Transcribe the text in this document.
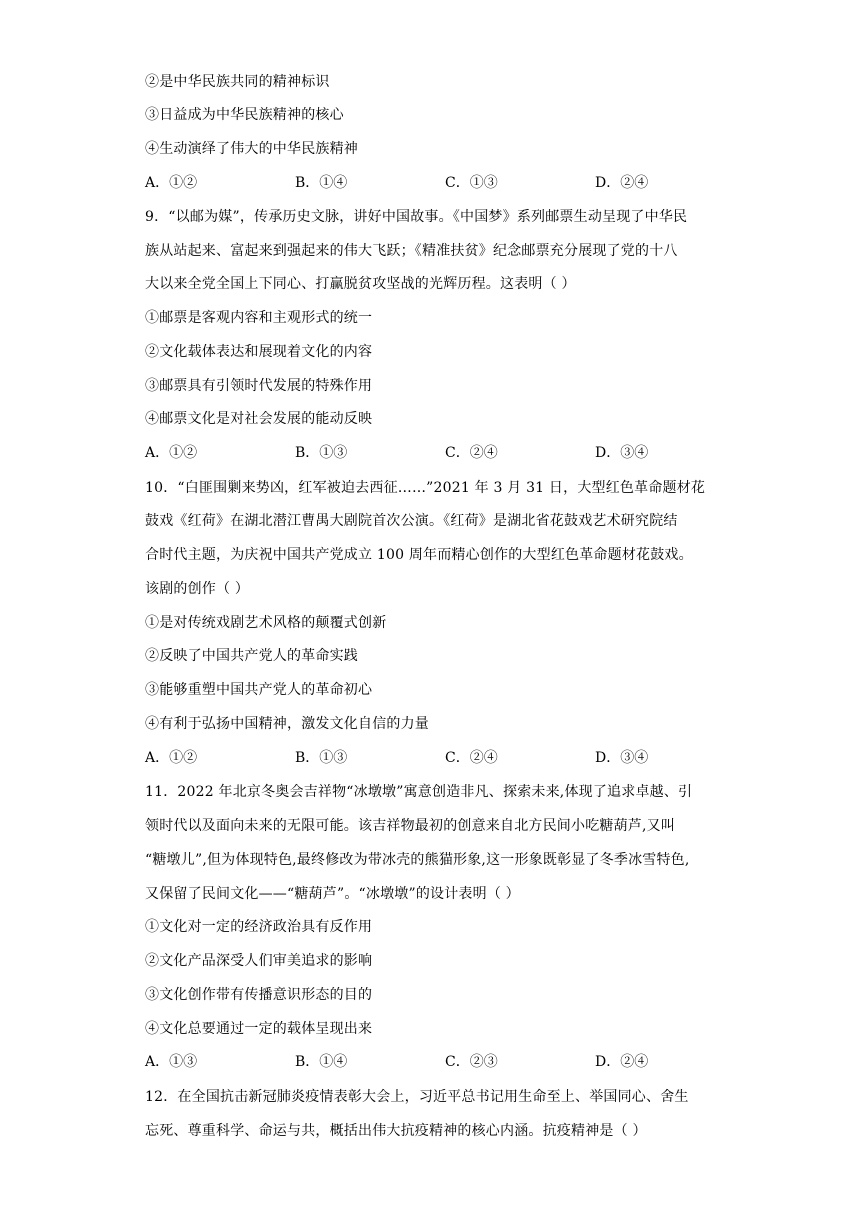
②是中华民族共同的精神标识
③日益成为中华民族精神的核心
④生动演绎了伟大的中华民族精神
A．①②	B．①④	C．①③	D．②④
9．“以邮为媒”，传承历史文脉，讲好中国故事。《中国梦》系列邮票生动呈现了中华民
族从站起来、富起来到强起来的伟大飞跃；《精准扶贫》纪念邮票充分展现了党的十八
大以来全党全国上下同心、打赢脱贫攻坚战的光辉历程。这表明（ ）
①邮票是客观内容和主观形式的统一
②文化载体表达和展现着文化的内容
③邮票具有引领时代发展的特殊作用
④邮票文化是对社会发展的能动反映
A．①②	B．①③	C．②④	D．③④
10．“白匪围剿来势凶，红军被迫去西征……”2021 年 3 月 31 日，大型红色革命题材花
鼓戏《红荷》在湖北潜江曹禺大剧院首次公演。《红荷》是湖北省花鼓戏艺术研究院结
合时代主题，为庆祝中国共产党成立 100 周年而精心创作的大型红色革命题材花鼓戏。
该剧的创作（ ）
①是对传统戏剧艺术风格的颠覆式创新
②反映了中国共产党人的革命实践
③能够重塑中国共产党人的革命初心
④有利于弘扬中国精神，激发文化自信的力量
A．①②	B．①③	C．②④	D．③④
11．2022 年北京冬奥会吉祥物“冰墩墩”寓意创造非凡、探索未来,体现了追求卓越、引
领时代以及面向未来的无限可能。该吉祥物最初的创意来自北方民间小吃糖葫芦,又叫
“糖墩儿”,但为体现特色,最终修改为带冰壳的熊猫形象,这一形象既彰显了冬季冰雪特色,
又保留了民间文化——“糖葫芦”。“冰墩墩”的设计表明（ ）
①文化对一定的经济政治具有反作用
②文化产品深受人们审美追求的影响
③文化创作带有传播意识形态的目的
④文化总要通过一定的载体呈现出来
A．①③	B．①④	C．②③	D．②④
12．在全国抗击新冠肺炎疫情表彰大会上，习近平总书记用生命至上、举国同心、舍生
忘死、尊重科学、命运与共，概括出伟大抗疫精神的核心内涵。抗疫精神是（ ）
